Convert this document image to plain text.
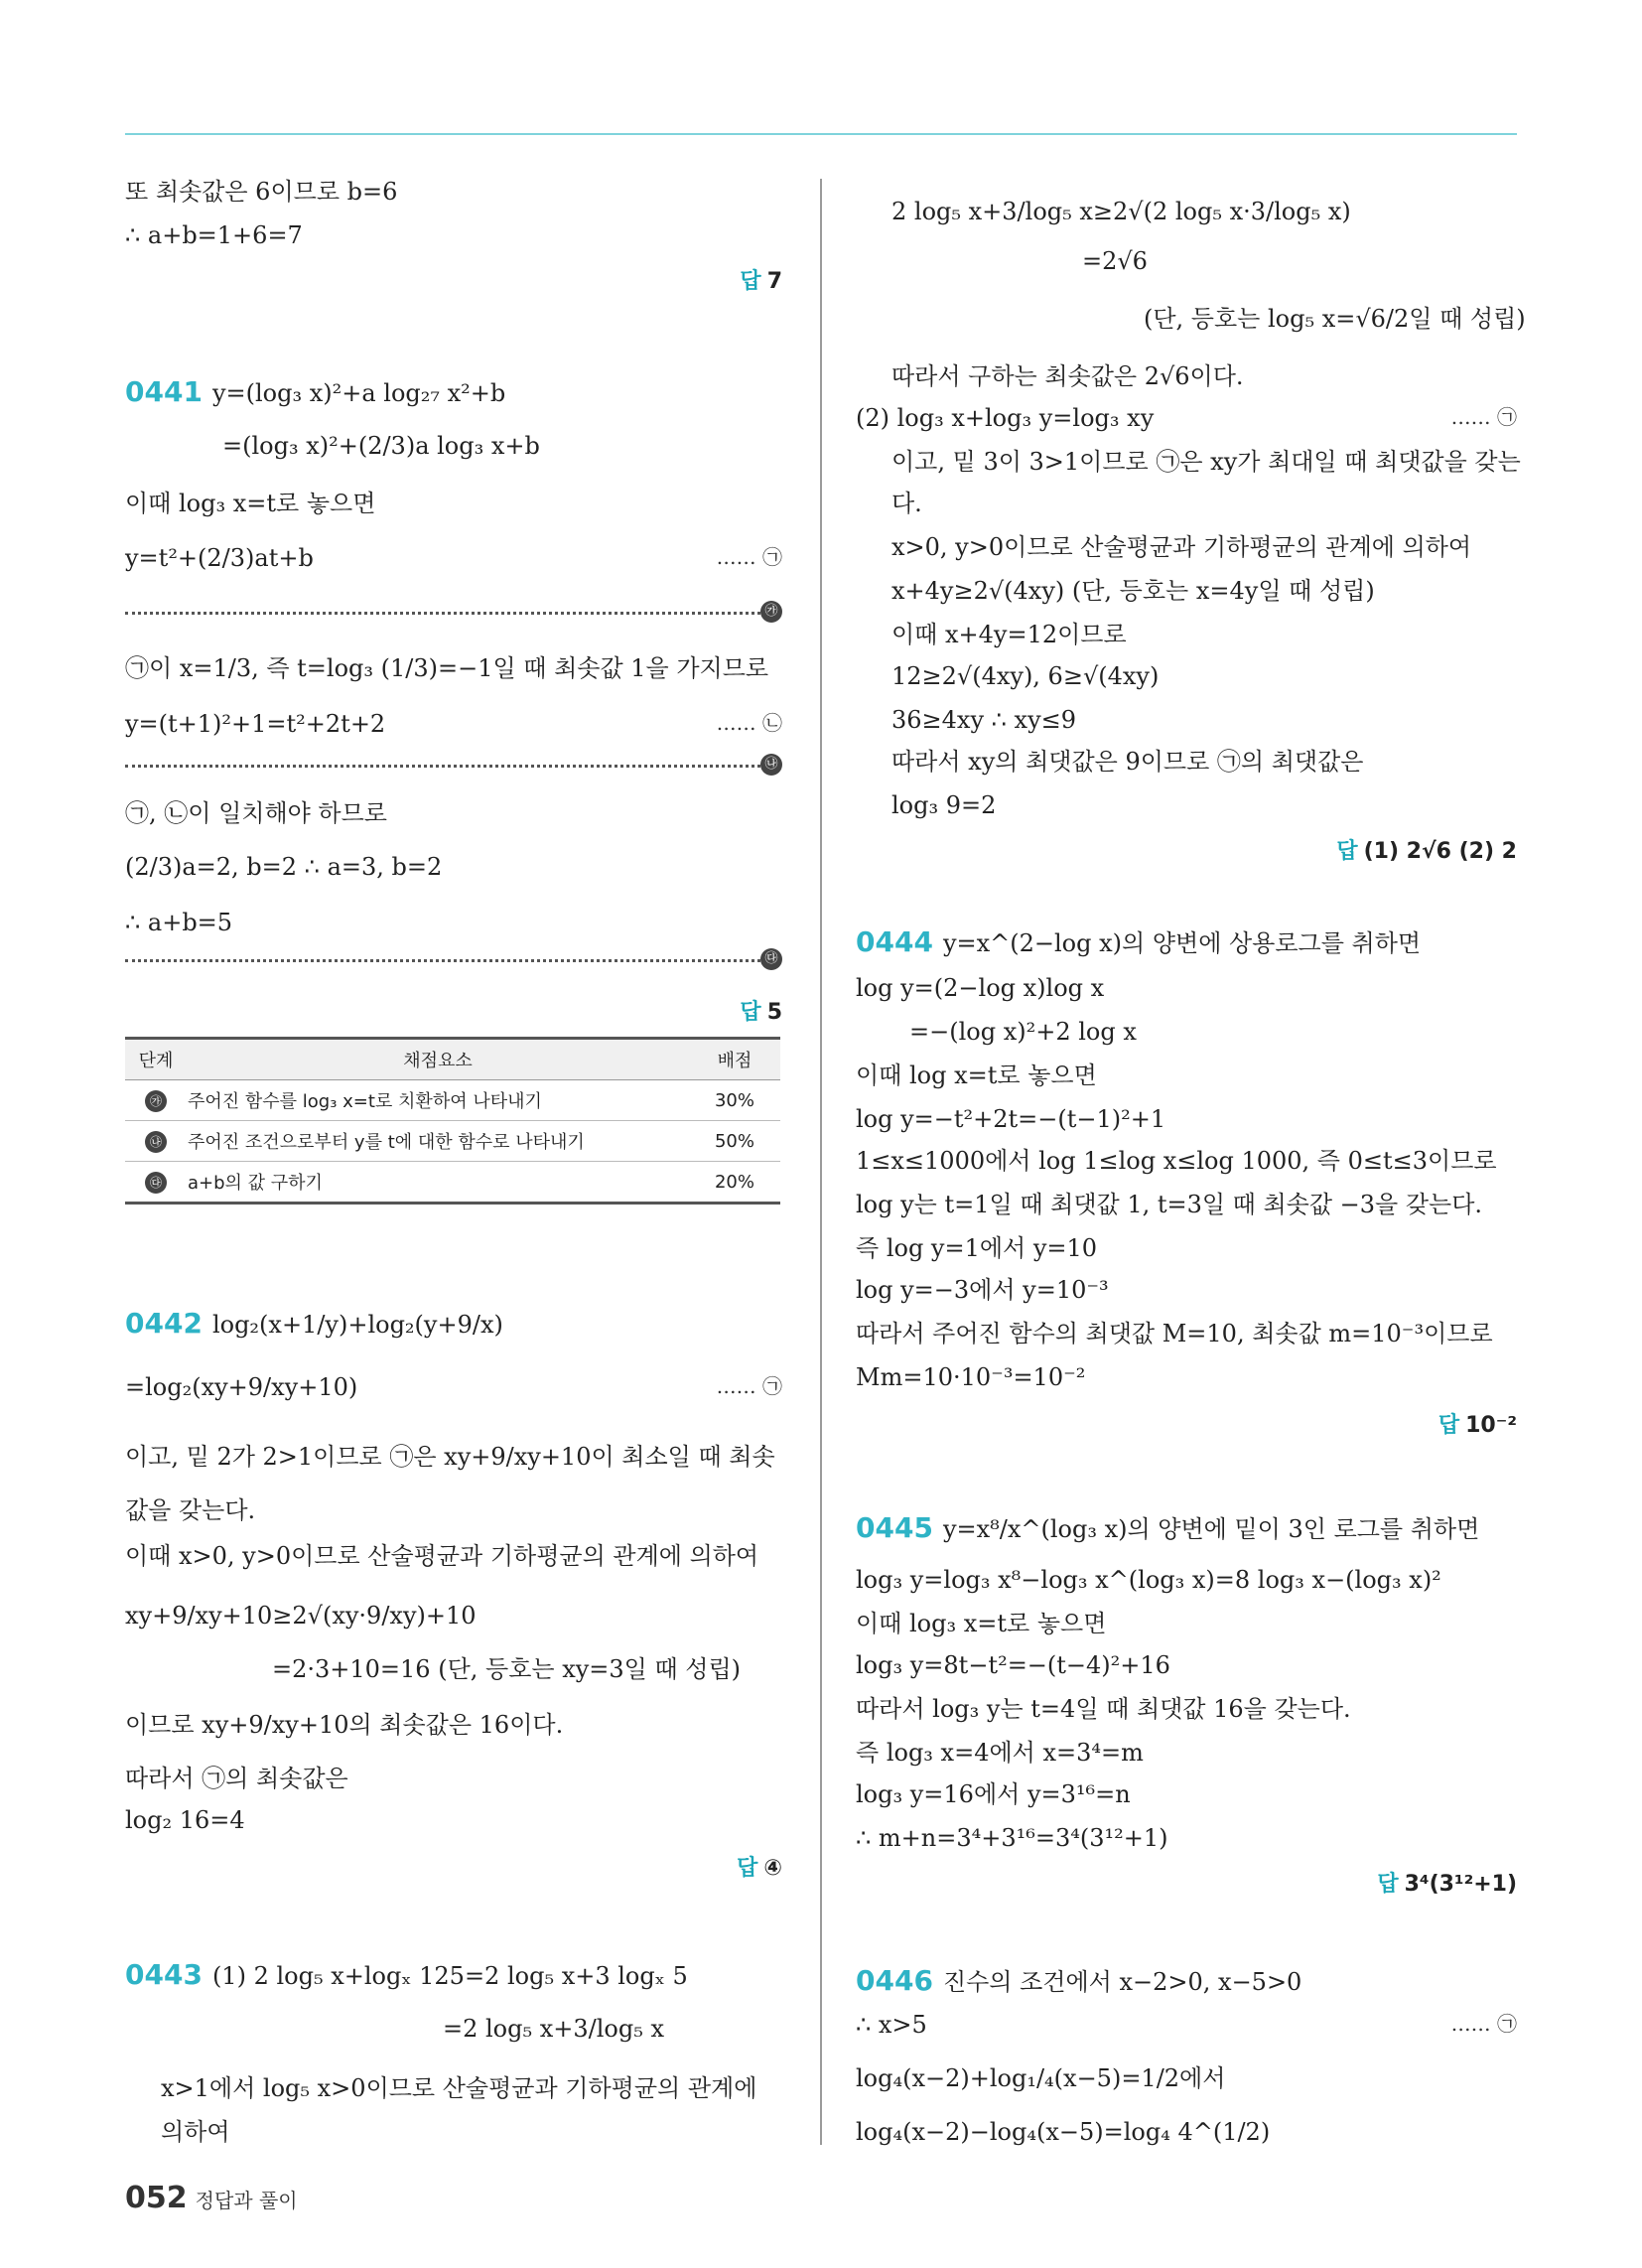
또 최솟값은 6이므로 b=6
∴ a+b=1+6=7
답 7
0441 y=(log₃ x)²+a log₂₇ x²+b
=(log₃ x)²+(2/3)a log₃ x+b
이때 log₃ x=t로 놓으면
y=t²+(2/3)at+b	…… ㉠
㉮
㉠이 x=1/3, 즉 t=log₃ (1/3)=−1일 때 최솟값 1을 가지므로
y=(t+1)²+1=t²+2t+2	…… ㉡
㉯
㉠, ㉡이 일치해야 하므로
(2/3)a=2, b=2 ∴ a=3, b=2
∴ a+b=5
㉰
답 5
단계	채점요소	배점
㉮	주어진 함수를 log₃ x=t로 치환하여 나타내기	30%
㉯	주어진 조건으로부터 y를 t에 대한 함수로 나타내기	50%
㉰	a+b의 값 구하기	20%
0442 log₂(x+1/y)+log₂(y+9/x)
=log₂(xy+9/xy+10)	…… ㉠
이고, 밑 2가 2>1이므로 ㉠은 xy+9/xy+10이 최소일 때 최솟
값을 갖는다.
이때 x>0, y>0이므로 산술평균과 기하평균의 관계에 의하여
xy+9/xy+10≥2√(xy·9/xy)+10
=2·3+10=16 (단, 등호는 xy=3일 때 성립)
이므로 xy+9/xy+10의 최솟값은 16이다.
따라서 ㉠의 최솟값은
log₂ 16=4
답 ④
0443 (1) 2 log₅ x+logₓ 125=2 log₅ x+3 logₓ 5
=2 log₅ x+3/log₅ x
x>1에서 log₅ x>0이므로 산술평균과 기하평균의 관계에
의하여
2 log₅ x+3/log₅ x≥2√(2 log₅ x·3/log₅ x)
=2√6
(단, 등호는 log₅ x=√6/2일 때 성립)
따라서 구하는 최솟값은 2√6이다.
(2) log₃ x+log₃ y=log₃ xy	…… ㉠
이고, 밑 3이 3>1이므로 ㉠은 xy가 최대일 때 최댓값을 갖는
다.
x>0, y>0이므로 산술평균과 기하평균의 관계에 의하여
x+4y≥2√(4xy) (단, 등호는 x=4y일 때 성립)
이때 x+4y=12이므로
12≥2√(4xy), 6≥√(4xy)
36≥4xy ∴ xy≤9
따라서 xy의 최댓값은 9이므로 ㉠의 최댓값은
log₃ 9=2
답 (1) 2√6 (2) 2
0444 y=x^(2−log x)의 양변에 상용로그를 취하면
log y=(2−log x)log x
=−(log x)²+2 log x
이때 log x=t로 놓으면
log y=−t²+2t=−(t−1)²+1
1≤x≤1000에서 log 1≤log x≤log 1000, 즉 0≤t≤3이므로
log y는 t=1일 때 최댓값 1, t=3일 때 최솟값 −3을 갖는다.
즉 log y=1에서 y=10
log y=−3에서 y=10⁻³
따라서 주어진 함수의 최댓값 M=10, 최솟값 m=10⁻³이므로
Mm=10·10⁻³=10⁻²
답 10⁻²
0445 y=x⁸/x^(log₃ x)의 양변에 밑이 3인 로그를 취하면
log₃ y=log₃ x⁸−log₃ x^(log₃ x)=8 log₃ x−(log₃ x)²
이때 log₃ x=t로 놓으면
log₃ y=8t−t²=−(t−4)²+16
따라서 log₃ y는 t=4일 때 최댓값 16을 갖는다.
즉 log₃ x=4에서 x=3⁴=m
log₃ y=16에서 y=3¹⁶=n
∴ m+n=3⁴+3¹⁶=3⁴(3¹²+1)
답 3⁴(3¹²+1)
0446 진수의 조건에서 x−2>0, x−5>0
∴ x>5	…… ㉠
log₄(x−2)+log₁/₄(x−5)=1/2에서
log₄(x−2)−log₄(x−5)=log₄ 4^(1/2)
052 정답과 풀이
